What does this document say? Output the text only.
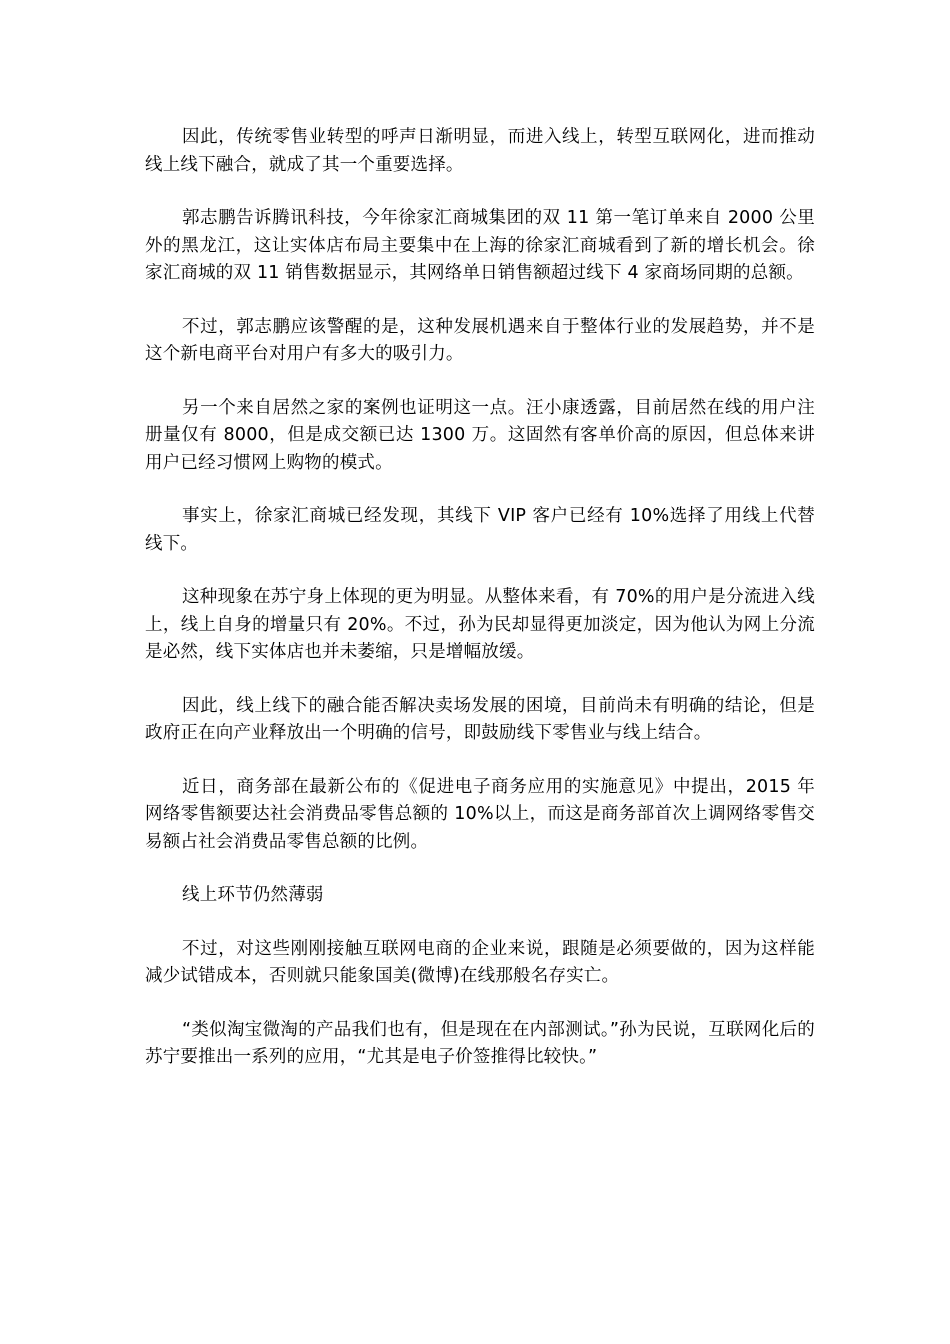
因此，传统零售业转型的呼声日渐明显，而进入线上，转型互联网化，进而推动线上线下融合，就成了其一个重要选择。

郭志鹏告诉腾讯科技，今年徐家汇商城集团的双 11 第一笔订单来自 2000 公里外的黑龙江，这让实体店布局主要集中在上海的徐家汇商城看到了新的增长机会。徐家汇商城的双 11 销售数据显示，其网络单日销售额超过线下 4 家商场同期的总额。

不过，郭志鹏应该警醒的是，这种发展机遇来自于整体行业的发展趋势，并不是这个新电商平台对用户有多大的吸引力。

另一个来自居然之家的案例也证明这一点。汪小康透露，目前居然在线的用户注册量仅有 8000，但是成交额已达 1300 万。这固然有客单价高的原因，但总体来讲用户已经习惯网上购物的模式。

事实上，徐家汇商城已经发现，其线下 VIP 客户已经有 10%选择了用线上代替线下。

这种现象在苏宁身上体现的更为明显。从整体来看，有 70%的用户是分流进入线上，线上自身的增量只有 20%。不过，孙为民却显得更加淡定，因为他认为网上分流是必然，线下实体店也并未萎缩，只是增幅放缓。

因此，线上线下的融合能否解决卖场发展的困境，目前尚未有明确的结论，但是政府正在向产业释放出一个明确的信号，即鼓励线下零售业与线上结合。

近日，商务部在最新公布的《促进电子商务应用的实施意见》中提出，2015 年网络零售额要达社会消费品零售总额的 10%以上，而这是商务部首次上调网络零售交易额占社会消费品零售总额的比例。

线上环节仍然薄弱

不过，对这些刚刚接触互联网电商的企业来说，跟随是必须要做的，因为这样能减少试错成本，否则就只能象国美(微博)在线那般名存实亡。

“类似淘宝微淘的产品我们也有，但是现在在内部测试。”孙为民说，互联网化后的苏宁要推出一系列的应用，“尤其是电子价签推得比较快。”
